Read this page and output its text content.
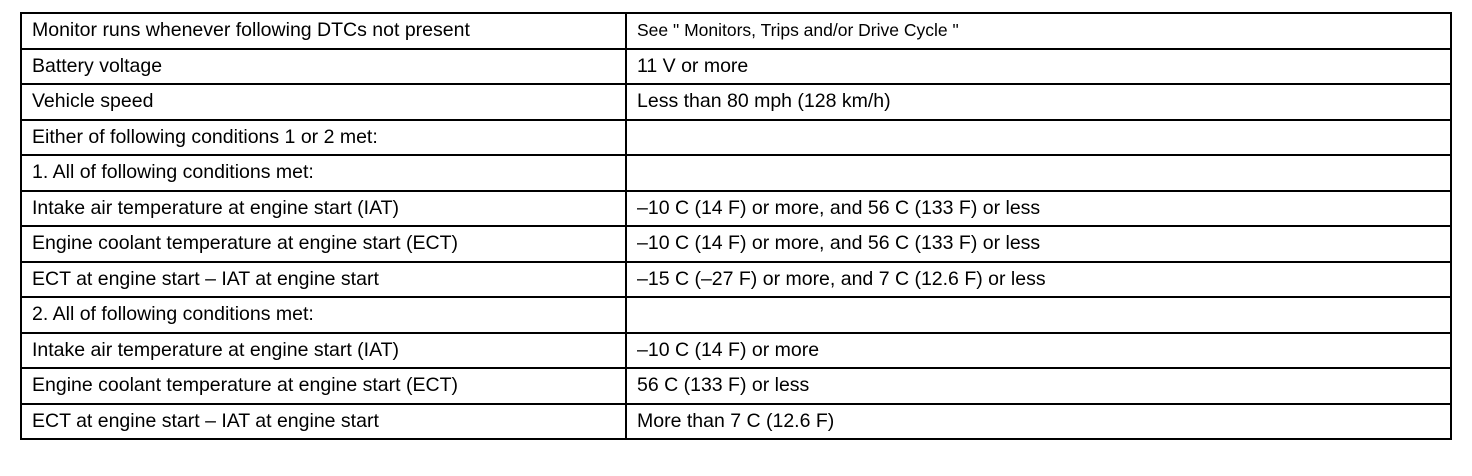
Monitor runs whenever following DTCs not present	See " Monitors, Trips and/or Drive Cycle "
Battery voltage	11 V or more
Vehicle speed	Less than 80 mph (128 km/h)
Either of following conditions 1 or 2 met:	
1. All of following conditions met:	
Intake air temperature at engine start (IAT)	–10 C (14 F) or more, and 56 C (133 F) or less
Engine coolant temperature at engine start (ECT)	–10 C (14 F) or more, and 56 C (133 F) or less
ECT at engine start – IAT at engine start	–15 C (–27 F) or more, and 7 C (12.6 F) or less
2. All of following conditions met:	
Intake air temperature at engine start (IAT)	–10 C (14 F) or more
Engine coolant temperature at engine start (ECT)	56 C (133 F) or less
ECT at engine start – IAT at engine start	More than 7 C (12.6 F)
